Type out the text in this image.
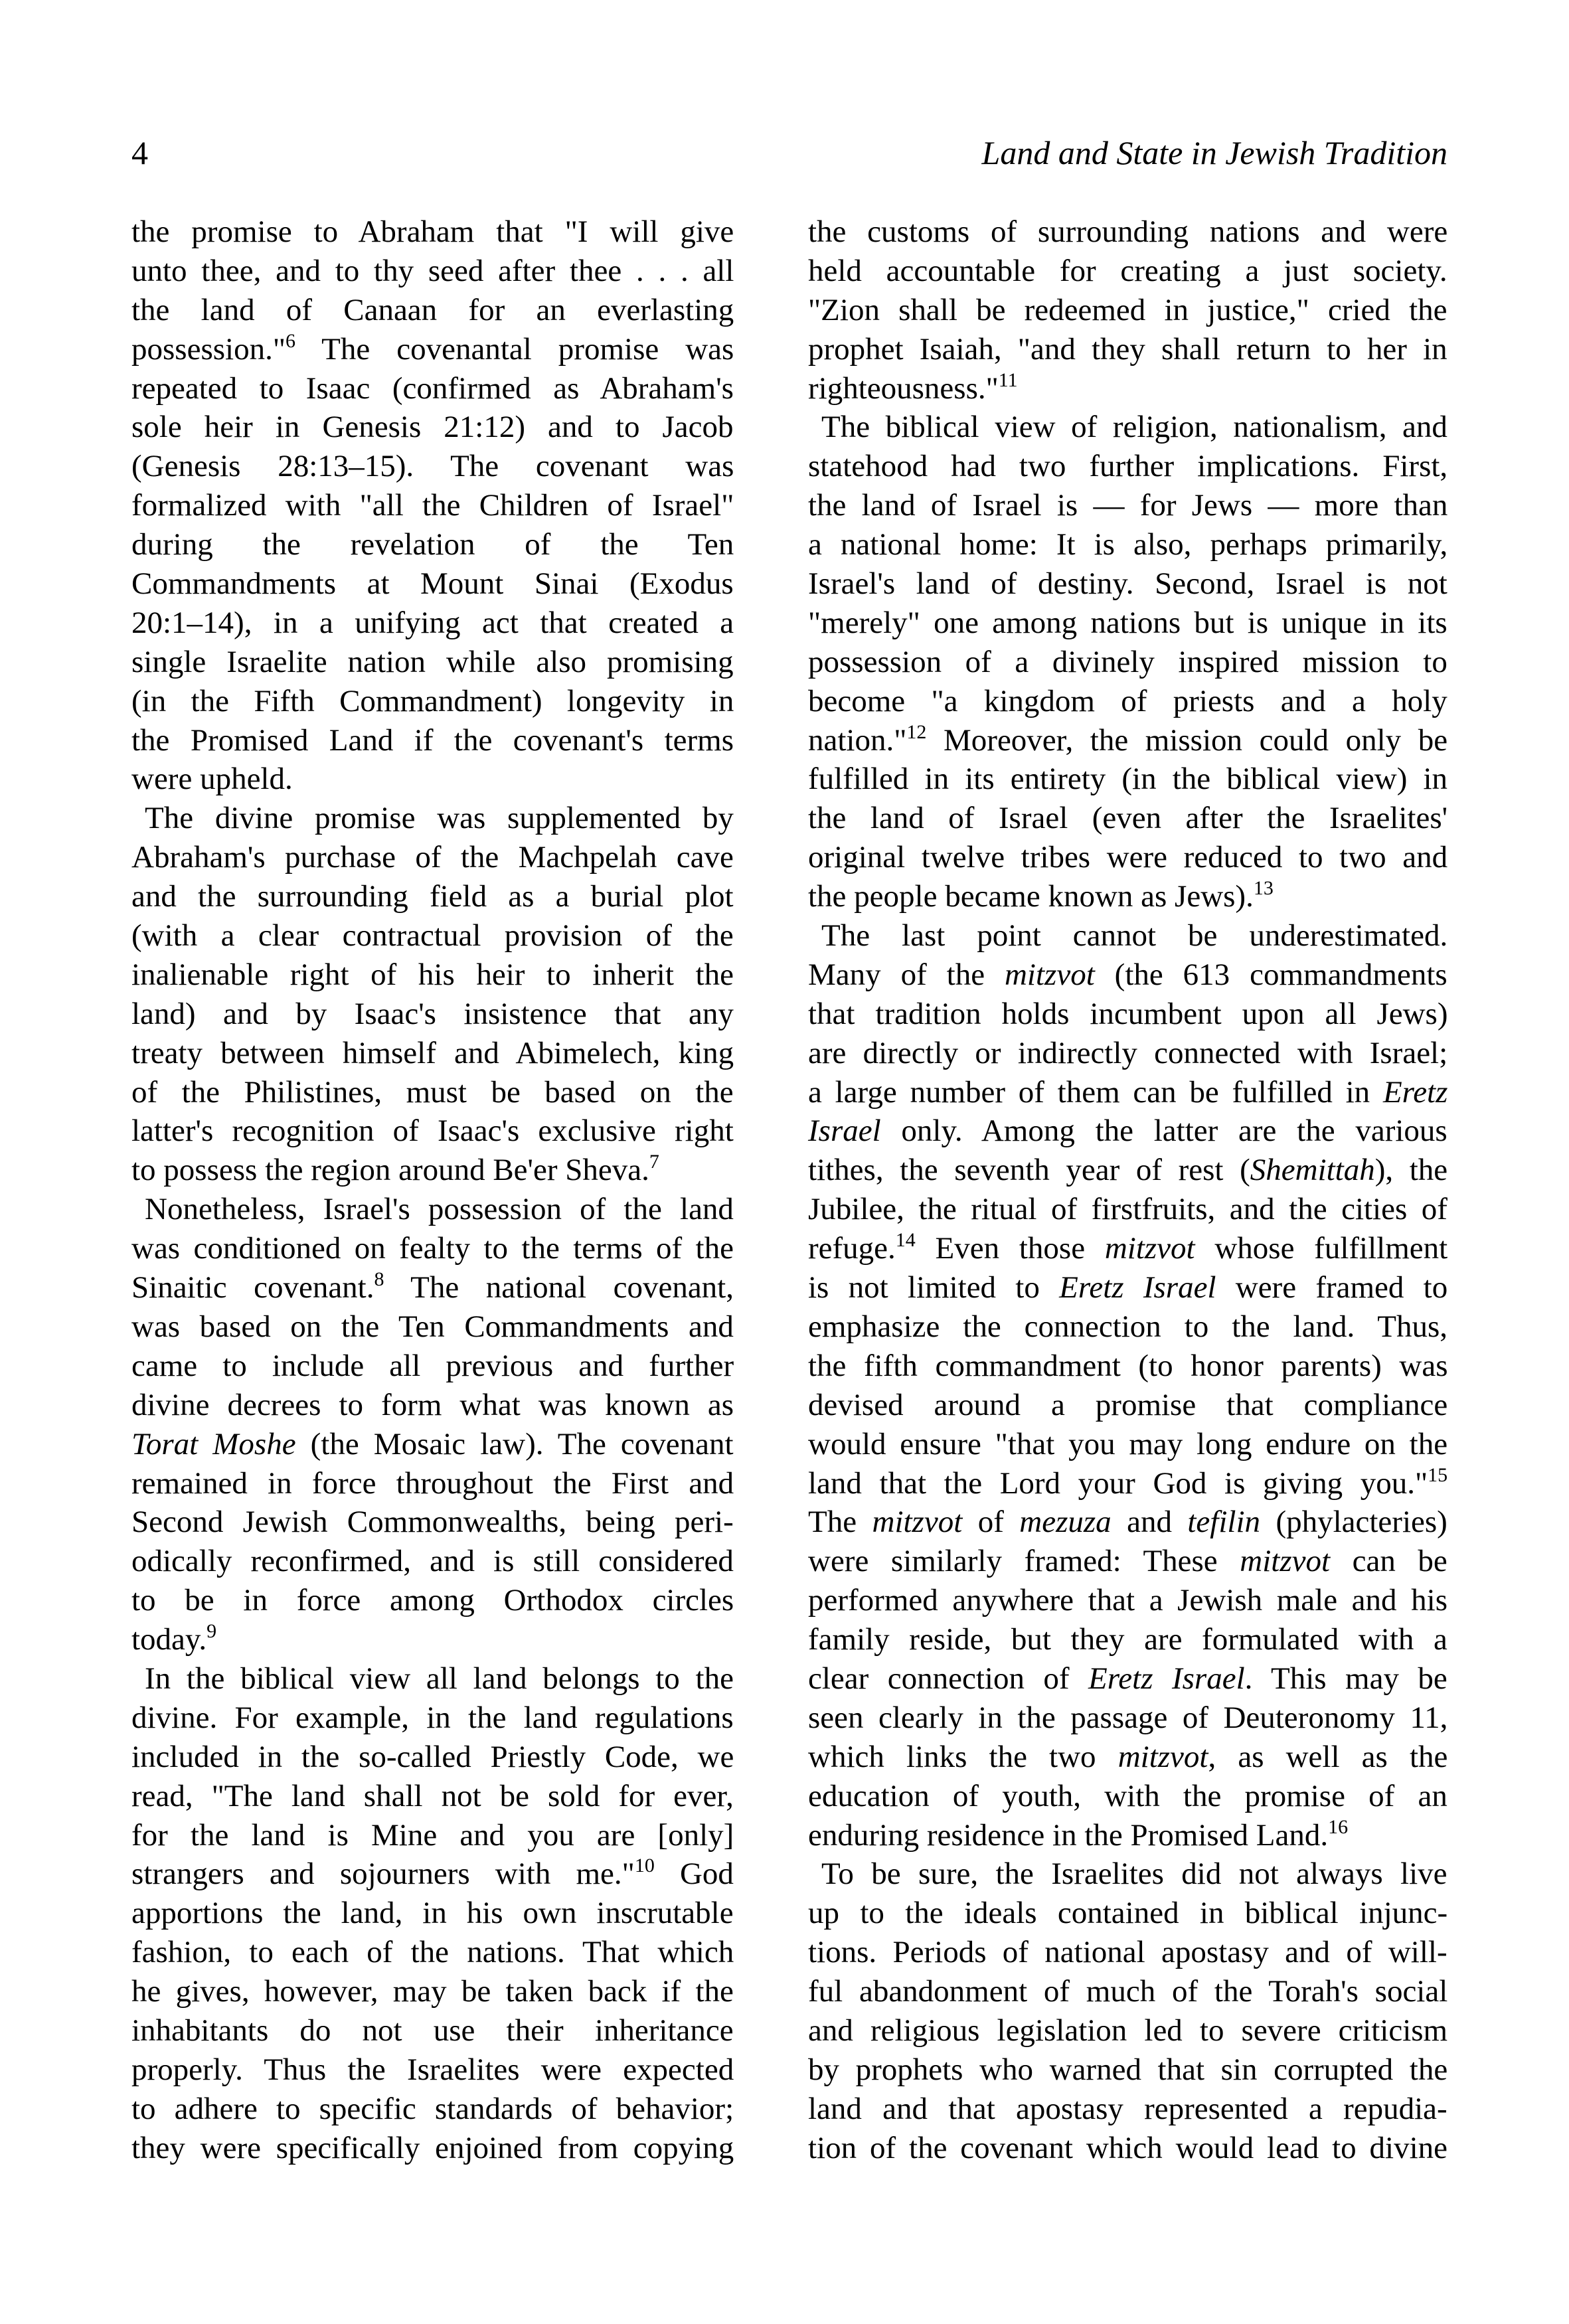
4	Land and State in Jewish Tradition
the promise to Abraham that "I will give
unto thee, and to thy seed after thee . . . all
the land of Canaan for an everlasting
possession."$^6$ The covenantal promise was
repeated to Isaac (confirmed as Abraham's
sole heir in Genesis 21:12) and to Jacob
(Genesis 28:13–15). The covenant was
formalized with "all the Children of Israel"
during the revelation of the Ten
Commandments at Mount Sinai (Exodus
20:1–14), in a unifying act that created a
single Israelite nation while also promising
(in the Fifth Commandment) longevity in
the Promised Land if the covenant's terms
were upheld.
The divine promise was supplemented by
Abraham's purchase of the Machpelah cave
and the surrounding field as a burial plot
(with a clear contractual provision of the
inalienable right of his heir to inherit the
land) and by Isaac's insistence that any
treaty between himself and Abimelech, king
of the Philistines, must be based on the
latter's recognition of Isaac's exclusive right
to possess the region around Be'er Sheva.$^7$
Nonetheless, Israel's possession of the land
was conditioned on fealty to the terms of the
Sinaitic covenant.$^8$ The national covenant,
was based on the Ten Commandments and
came to include all previous and further
divine decrees to form what was known as
Torat Moshe (the Mosaic law). The covenant
remained in force throughout the First and
Second Jewish Commonwealths, being peri-
odically reconfirmed, and is still considered
to be in force among Orthodox circles
today.$^9$
In the biblical view all land belongs to the
divine. For example, in the land regulations
included in the so-called Priestly Code, we
read, "The land shall not be sold for ever,
for the land is Mine and you are [only]
strangers and sojourners with me."$^{10}$ God
apportions the land, in his own inscrutable
fashion, to each of the nations. That which
he gives, however, may be taken back if the
inhabitants do not use their inheritance
properly. Thus the Israelites were expected
to adhere to specific standards of behavior;
they were specifically enjoined from copying
the customs of surrounding nations and were
held accountable for creating a just society.
"Zion shall be redeemed in justice," cried the
prophet Isaiah, "and they shall return to her in
righteousness."$^{11}$
The biblical view of religion, nationalism, and
statehood had two further implications. First,
the land of Israel is — for Jews — more than
a national home: It is also, perhaps primarily,
Israel's land of destiny. Second, Israel is not
"merely" one among nations but is unique in its
possession of a divinely inspired mission to
become "a kingdom of priests and a holy
nation."$^{12}$ Moreover, the mission could only be
fulfilled in its entirety (in the biblical view) in
the land of Israel (even after the Israelites'
original twelve tribes were reduced to two and
the people became known as Jews).$^{13}$
The last point cannot be underestimated.
Many of the mitzvot (the 613 commandments
that tradition holds incumbent upon all Jews)
are directly or indirectly connected with Israel;
a large number of them can be fulfilled in Eretz
Israel only. Among the latter are the various
tithes, the seventh year of rest (Shemittah), the
Jubilee, the ritual of firstfruits, and the cities of
refuge.$^{14}$ Even those mitzvot whose fulfillment
is not limited to Eretz Israel were framed to
emphasize the connection to the land. Thus,
the fifth commandment (to honor parents) was
devised around a promise that compliance
would ensure "that you may long endure on the
land that the Lord your God is giving you."$^{15}$
The mitzvot of mezuza and tefilin (phylacteries)
were similarly framed: These mitzvot can be
performed anywhere that a Jewish male and his
family reside, but they are formulated with a
clear connection of Eretz Israel. This may be
seen clearly in the passage of Deuteronomy 11,
which links the two mitzvot, as well as the
education of youth, with the promise of an
enduring residence in the Promised Land.$^{16}$
To be sure, the Israelites did not always live
up to the ideals contained in biblical injunc-
tions. Periods of national apostasy and of will-
ful abandonment of much of the Torah's social
and religious legislation led to severe criticism
by prophets who warned that sin corrupted the
land and that apostasy represented a repudia-
tion of the covenant which would lead to divine
